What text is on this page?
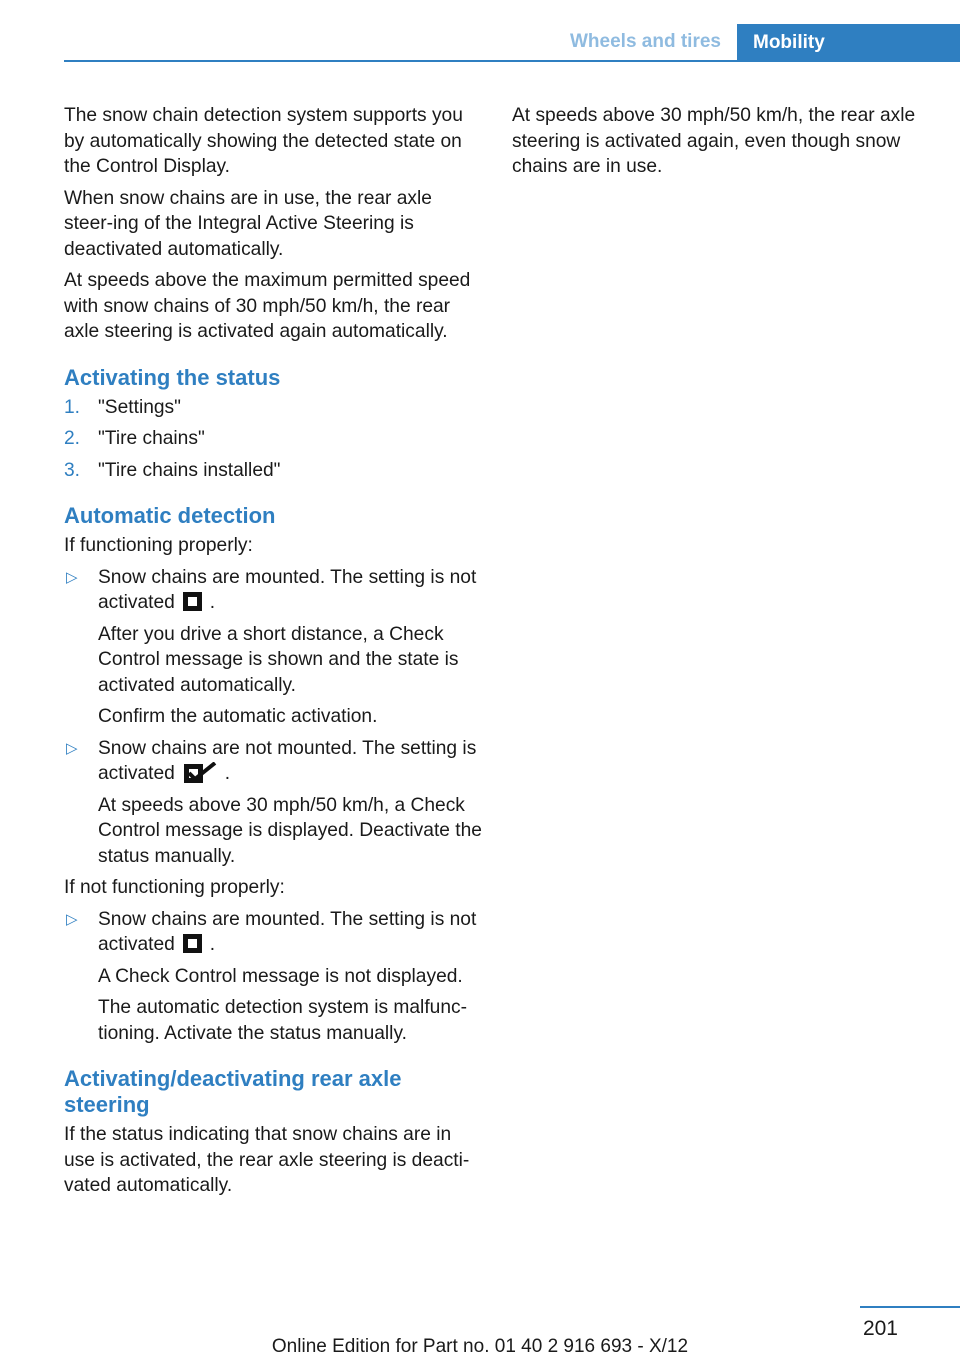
Wheels and tires	Mobility

The snow chain detection system supports you by automatically showing the detected state on the Control Display.

When snow chains are in use, the rear axle steer‐ing of the Integral Active Steering is deactivated automatically.

At speeds above the maximum permitted speed with snow chains of 30 mph/50 km/h, the rear axle steering is activated again automatically.

Activating the status
1. "Settings"
2. "Tire chains"
3. "Tire chains installed"
Automatic detection

If functioning properly:

▷ Snow chains are mounted. The setting is not activated .

After you drive a short distance, a Check Control message is shown and the state is activated automatically.

Confirm the automatic activation.

▷ Snow chains are not mounted. The setting is activated	.

At speeds above 30 mph/50 km/h, a Check Control message is displayed. Deactivate the status manually.

If not functioning properly:

▷ Snow chains are mounted. The setting is not activated .

A Check Control message is not displayed.

The automatic detection system is malfunc‐tioning. Activate the status manually.

Activating/deactivating rear axle steering

If the status indicating that snow chains are in use is activated, the rear axle steering is deacti‐vated automatically.

At speeds above 30 mph/50 km/h, the rear axle steering is activated again, even though snow chains are in use.

201
Online Edition for Part no. 01 40 2 916 693 - X/12
